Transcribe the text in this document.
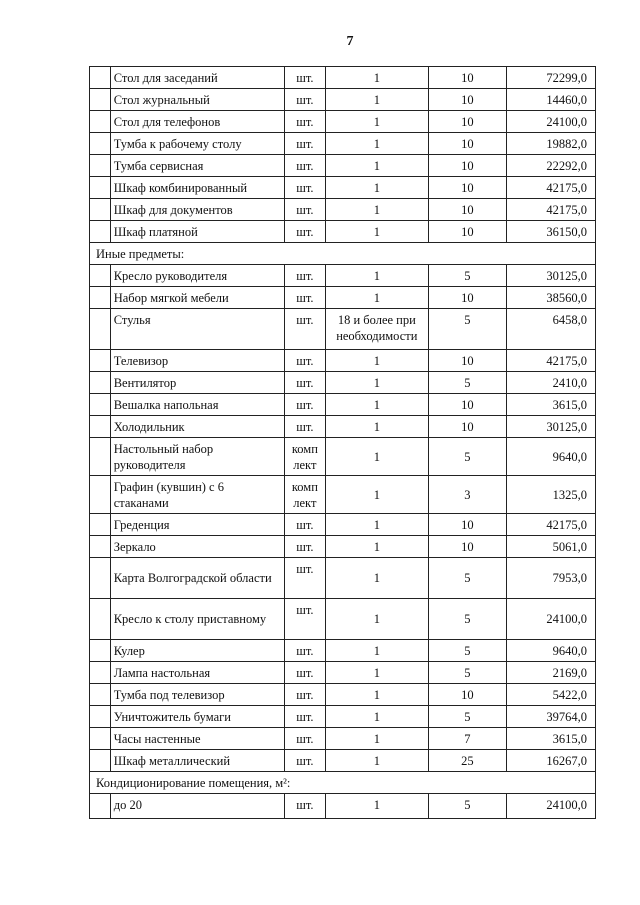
7
	Стол для заседаний	шт.	1	10	72299,0
	Стол журнальный	шт.	1	10	14460,0
	Стол для телефонов	шт.	1	10	24100,0
	Тумба к рабочему столу	шт.	1	10	19882,0
	Тумба сервисная	шт.	1	10	22292,0
	Шкаф комбинированный	шт.	1	10	42175,0
	Шкаф для документов	шт.	1	10	42175,0
	Шкаф платяной	шт.	1	10	36150,0
Иные предметы:					
	Кресло руководителя	шт.	1	5	30125,0
	Набор мягкой мебели	шт.	1	10	38560,0
	Стулья	шт.	18 и более при необходимости	5	6458,0
	Телевизор	шт.	1	10	42175,0
	Вентилятор	шт.	1	5	2410,0
	Вешалка напольная	шт.	1	10	3615,0
	Холодильник	шт.	1	10	30125,0
	Настольный набор руководителя	комп лект	1	5	9640,0
	Графин (кувшин) с 6 стаканами	комп лект	1	3	1325,0
	Греденция	шт.	1	10	42175,0
	Зеркало	шт.	1	10	5061,0
	Карта Волгоградской области	шт.	1	5	7953,0
	Кресло к столу приставному	шт.	1	5	24100,0
	Кулер	шт.	1	5	9640,0
	Лампа настольная	шт.	1	5	2169,0
	Тумба под телевизор	шт.	1	10	5422,0
	Уничтожитель бумаги	шт.	1	5	39764,0
	Часы настенные	шт.	1	7	3615,0
	Шкаф металлический	шт.	1	25	16267,0
Кондиционирование помещения, м²:					
	до 20	шт.	1	5	24100,0
